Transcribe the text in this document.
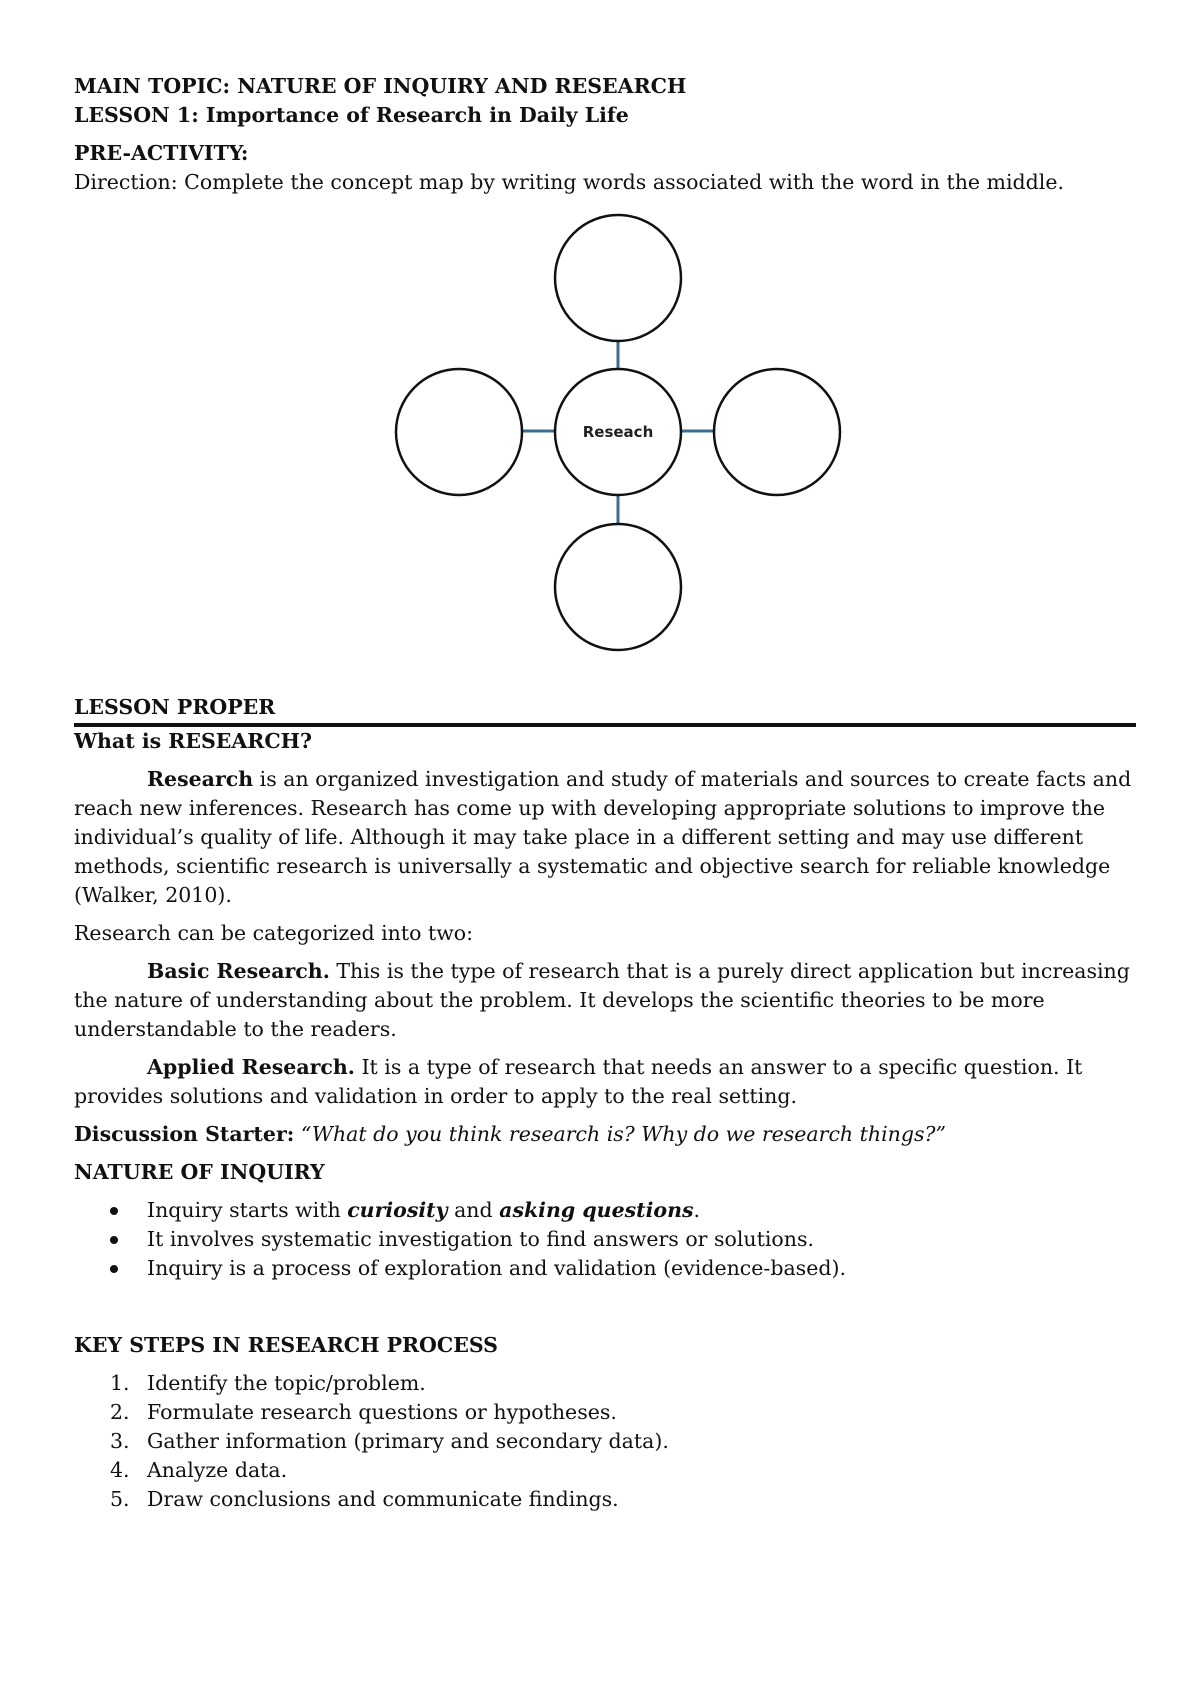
MAIN TOPIC: NATURE OF INQUIRY AND RESEARCH
LESSON 1: Importance of Research in Daily Life
PRE-ACTIVITY:
Direction: Complete the concept map by writing words associated with the word in the middle.
Reseach
LESSON PROPER
What is RESEARCH?

Research is an organized investigation and study of materials and sources to create facts and reach new inferences. Research has come up with developing appropriate solutions to improve the individual’s quality of life. Although it may take place in a different setting and may use different methods, scientific research is universally a systematic and objective search for reliable knowledge (Walker, 2010).

Research can be categorized into two:

Basic Research. This is the type of research that is a purely direct application but increasing the nature of understanding about the problem. It develops the scientific theories to be more understandable to the readers.

Applied Research. It is a type of research that needs an answer to a specific question. It provides solutions and validation in order to apply to the real setting.

Discussion Starter: “What do you think research is? Why do we research things?”

NATURE OF INQUIRY
Inquiry starts with curiosity and asking questions.
It involves systematic investigation to find answers or solutions.
Inquiry is a process of exploration and validation (evidence-based).
KEY STEPS IN RESEARCH PROCESS
1. Identify the topic/problem.
2. Formulate research questions or hypotheses.
3. Gather information (primary and secondary data).
4. Analyze data.
5. Draw conclusions and communicate findings.
